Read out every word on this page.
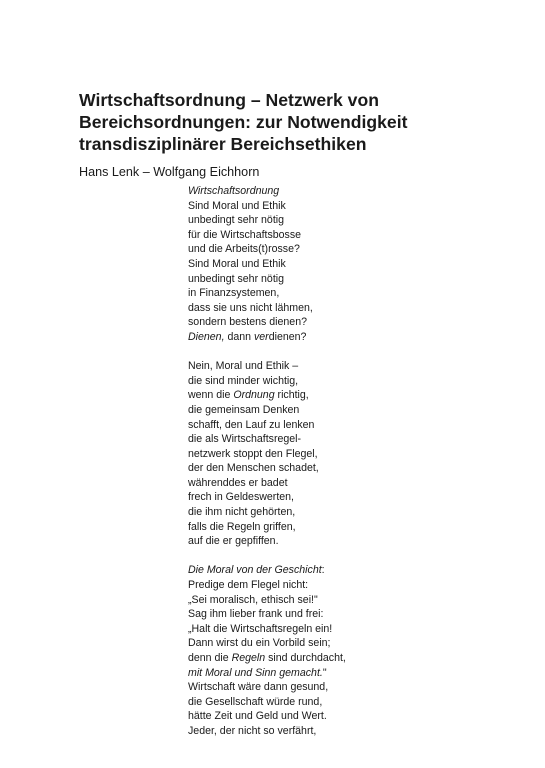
Wirtschaftsordnung – Netzwerk von
Bereichsordnungen: zur Notwendigkeit
transdisziplinärer Bereichsethiken
Hans Lenk – Wolfgang Eichhorn
Wirtschaftsordnung
Sind Moral und Ethik
unbedingt sehr nötig
für die Wirtschaftsbosse
und die Arbeits(t)rosse?
Sind Moral und Ethik
unbedingt sehr nötig
in Finanzsystemen,
dass sie uns nicht lähmen,
sondern bestens dienen?
Dienen, dann verdienen?
Nein, Moral und Ethik –
die sind minder wichtig,
wenn die Ordnung richtig,
die gemeinsam Denken
schafft, den Lauf zu lenken
die als Wirtschaftsregel-
netzwerk stoppt den Flegel,
der den Menschen schadet,
währenddes er badet
frech in Geldeswerten,
die ihm nicht gehörten,
falls die Regeln griffen,
auf die er gepfiffen.
Die Moral von der Geschicht:
Predige dem Flegel nicht:
„Sei moralisch, ethisch sei!"
Sag ihm lieber frank und frei:
„Halt die Wirtschaftsregeln ein!
Dann wirst du ein Vorbild sein;
denn die Regeln sind durchdacht,
mit Moral und Sinn gemacht."
Wirtschaft wäre dann gesund,
die Gesellschaft würde rund,
hätte Zeit und Geld und Wert.
Jeder, der nicht so verfährt,
